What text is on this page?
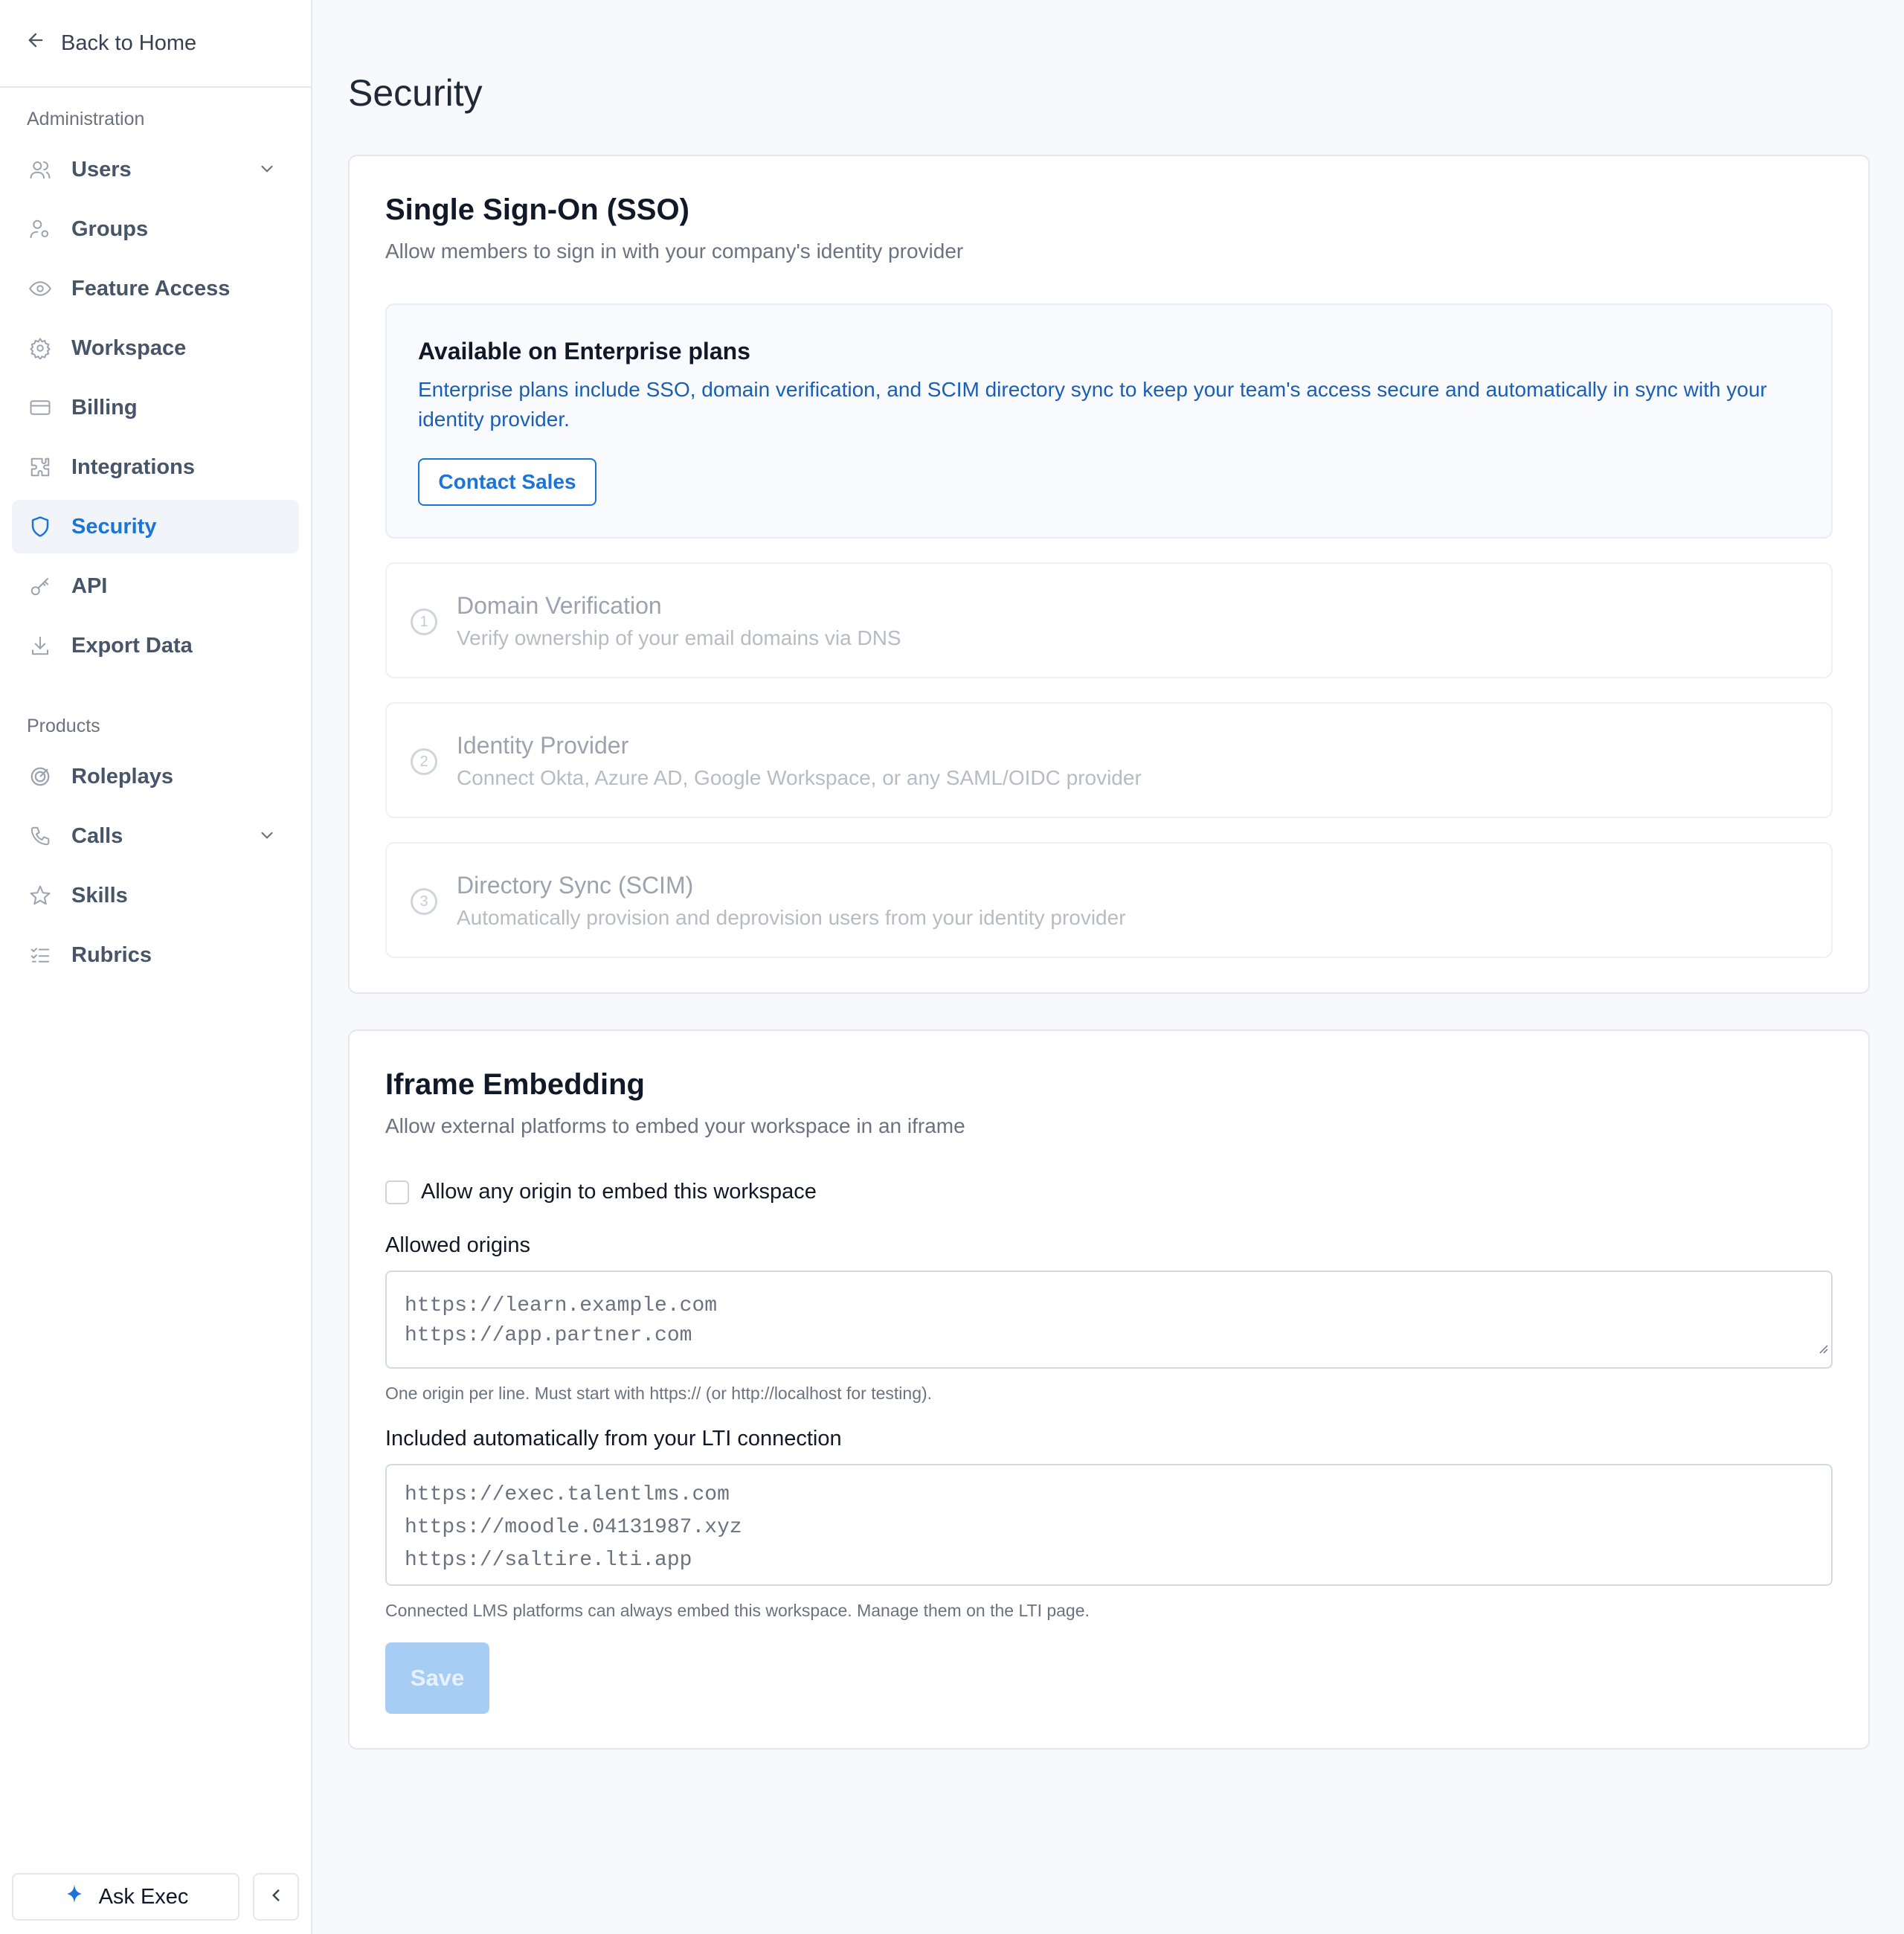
Back to Home
Administration
Users
Groups
Feature Access
Workspace
Billing
Integrations
Security
API
Export Data
Products
Roleplays
Calls
Skills
Rubrics
Ask Exec
Security
Single Sign-On (SSO)

Allow members to sign in with your company's identity provider

Available on Enterprise plans
Enterprise plans include SSO, domain verification, and SCIM directory sync to keep your team's access secure and automatically in sync with your identity provider.
Contact Sales
1
Domain Verification
Verify ownership of your email domains via DNS
2
Identity Provider
Connect Okta, Azure AD, Google Workspace, or any SAML/OIDC provider
3
Directory Sync (SCIM)
Automatically provision and deprovision users from your identity provider
Iframe Embedding

Allow external platforms to embed your workspace in an iframe

Allow any origin to embed this workspace
Allowed origins
https://learn.example.com
https://app.partner.com
One origin per line. Must start with https:// (or http://localhost for testing).
Included automatically from your LTI connection
https://exec.talentlms.com
https://moodle.04131987.xyz
https://saltire.lti.app
Connected LMS platforms can always embed this workspace. Manage them on the LTI page.
Save
